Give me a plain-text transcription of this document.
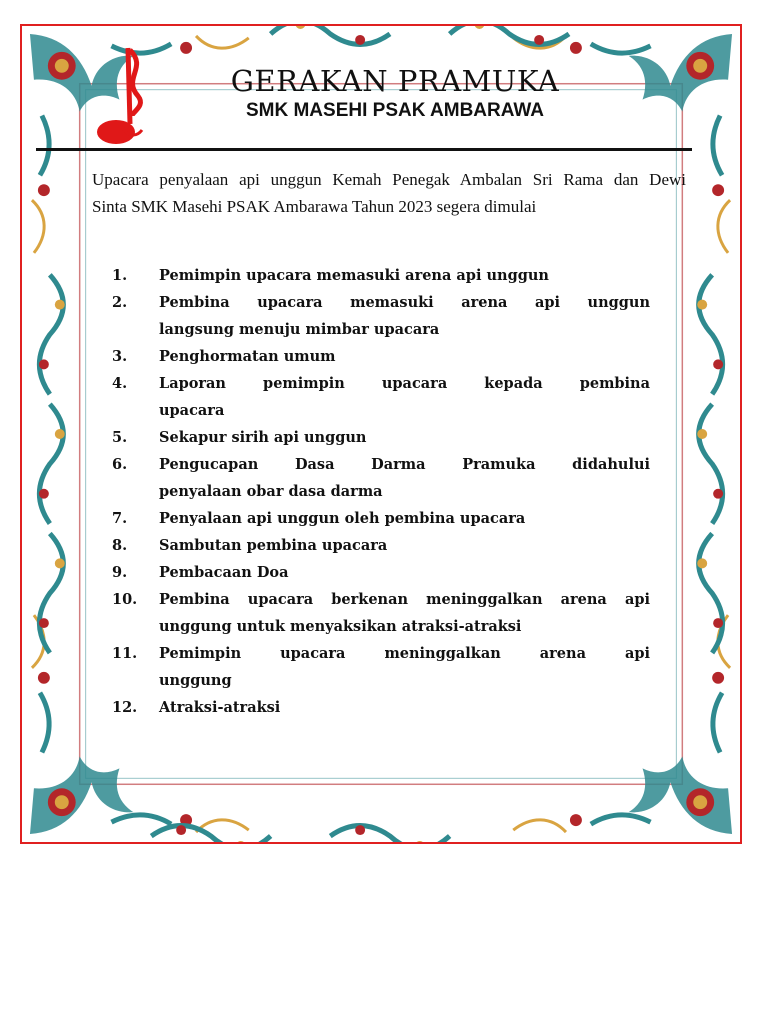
GERAKAN PRAMUKA
SMK MASEHI PSAK AMBARAWA
Upacara penyalaan api unggun Kemah Penegak Ambalan Sri Rama dan Dewi
Sinta SMK Masehi PSAK Ambarawa Tahun 2023 segera dimulai
1. Pemimpin upacara memasuki arena api unggun
2. Pembina upacara memasuki arena api unggun
langsung menuju mimbar upacara
3. Penghormatan umum
4. Laporan pemimpin upacara kepada pembina
upacara
5. Sekapur sirih api unggun
6. Pengucapan Dasa Darma Pramuka didahului
penyalaan obar dasa darma
7. Penyalaan api unggun oleh pembina upacara
8. Sambutan pembina upacara
9. Pembacaan Doa
10. Pembina upacara berkenan meninggalkan arena api
unggung untuk menyaksikan atraksi-atraksi
11. Pemimpin upacara meninggalkan arena api
unggung
12. Atraksi-atraksi
